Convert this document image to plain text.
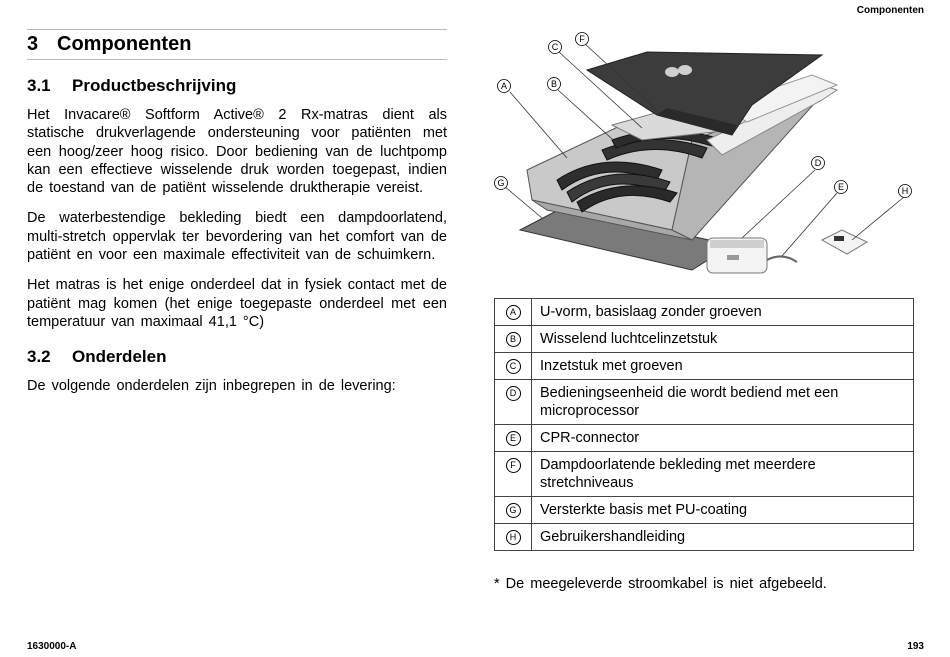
Componenten
3 Componenten
3.1 Productbeschrijving

Het Invacare® Softform Active® 2 Rx-matras dient als statische drukverlagende ondersteuning voor patiënten met een hoog/zeer hoog risico. Door bediening van de luchtpomp kan een effectieve wisselende druk worden toegepast, indien de toestand van de patiënt wisselende druktherapie vereist.

De waterbestendige bekleding biedt een dampdoorlatend, multi-stretch oppervlak ter bevordering van het comfort van de patiënt en voor een maximale effectiviteit van de schuimkern.

Het matras is het enige onderdeel dat in fysiek contact met de patiënt mag komen (het enige toegepaste onderdeel met een temperatuur van maximaal 41,1 °C)

3.2 Onderdelen

De volgende onderdelen zijn inbegrepen in de levering:

A	B
C
D
E
F
G
H
A	U-vorm, basislaag zonder groeven
B	Wisselend luchtcelinzetstuk
C	Inzetstuk met groeven
D	Bedieningseenheid die wordt bediend met een microprocessor
E	CPR-connector
F	Dampdoorlatende bekleding met meerdere stretchniveaus
G	Versterkte basis met PU-coating
H	Gebruikershandleiding
* De meegeleverde stroomkabel is niet afgebeeld.
1630000-A	193
